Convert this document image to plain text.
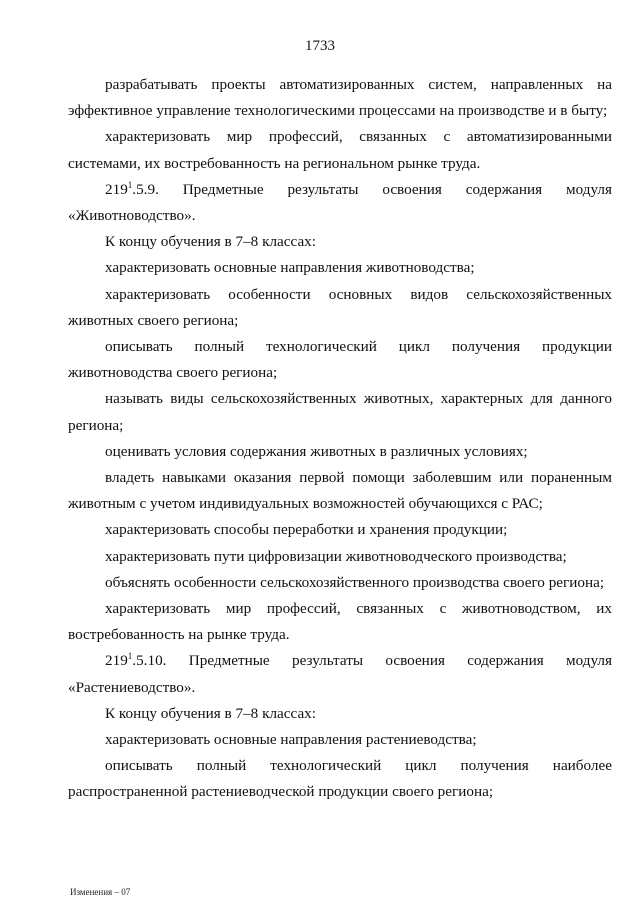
1733

разрабатывать проекты автоматизированных систем, направленных на эффективное управление технологическими процессами на производстве и в быту;

характеризовать мир профессий, связанных с автоматизированными системами, их востребованность на региональном рынке труда.

$219^1.5.9$. Предметные результаты освоения содержания модуля «Животноводство».

К концу обучения в 7–8 классах:

характеризовать основные направления животноводства;

характеризовать особенности основных видов сельскохозяйственных животных своего региона;

описывать полный технологический цикл получения продукции животноводства своего региона;

называть виды сельскохозяйственных животных, характерных для данного региона;

оценивать условия содержания животных в различных условиях;

владеть навыками оказания первой помощи заболевшим или пораненным животным с учетом индивидуальных возможностей обучающихся с РАС;

характеризовать способы переработки и хранения продукции;

характеризовать пути цифровизации животноводческого производства;

объяснять особенности сельскохозяйственного производства своего региона;

характеризовать мир профессий, связанных с животноводством, их востребованность на рынке труда.

$219^1.5.10$. Предметные результаты освоения содержания модуля «Растениеводство».

К концу обучения в 7–8 классах:

характеризовать основные направления растениеводства;

описывать полный технологический цикл получения наиболее распространенной растениеводческой продукции своего региона;

Изменения – 07
